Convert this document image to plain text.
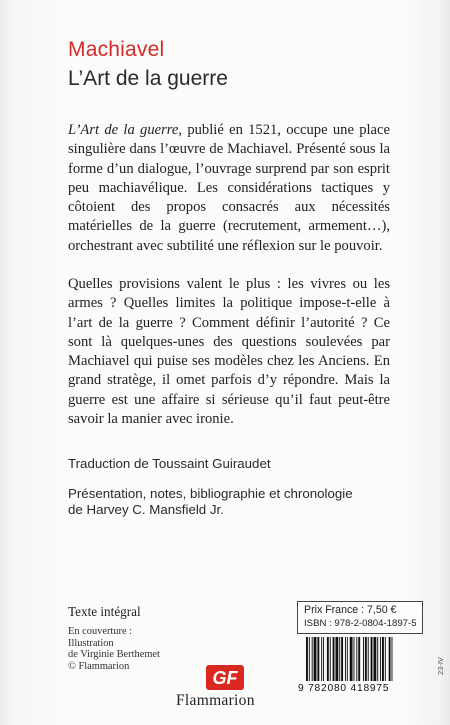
Machiavel
L’Art de la guerre
L’Art de la guerre, publié en 1521, occupe une place singulière dans l’œuvre de Machiavel. Présenté sous la forme d’un dialogue, l’ouvrage surprend par son esprit peu machiavélique. Les considérations tactiques y côtoient des propos consacrés aux nécessités matérielles de la guerre (recrutement, armement…), orchestrant avec subtilité une réflexion sur le pouvoir.
Quelles provisions valent le plus : les vivres ou les armes ? Quelles limites la politique impose-t-elle à l’art de la guerre ? Comment définir l’autorité ? Ce sont là quelques-unes des questions soulevées par Machiavel qui puise ses modèles chez les Anciens. En grand stratège, il omet parfois d’y répondre. Mais la guerre est une affaire si sérieuse qu’il faut peut-être savoir la manier avec ironie.
Traduction de Toussaint Guiraudet
Présentation, notes, bibliographie et chronologie
de Harvey C. Mansfield Jr.
Texte intégral
En couverture :
Illustration
de Virginie Berthemet
© Flammarion
Prix France : 7,50 €
ISBN : 978-2-0804-1897-5
9 782080 418975
GF
Flammarion
23-IV
